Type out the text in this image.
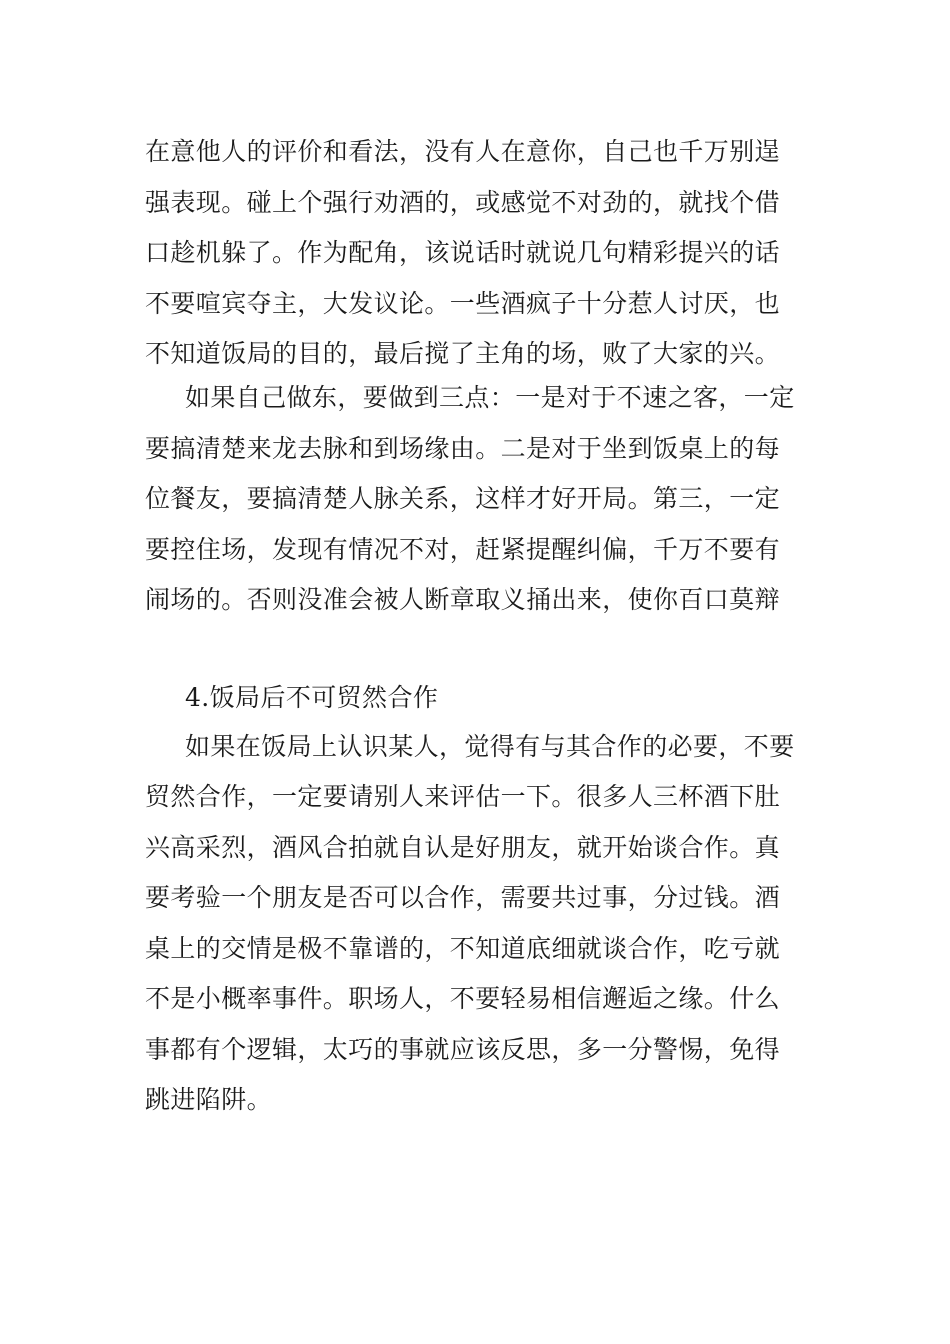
在意他人的评价和看法，没有人在意你，自己也千万别逞
强表现。碰上个强行劝酒的，或感觉不对劲的，就找个借
口趁机躲了。作为配角，该说话时就说几句精彩提兴的话
不要喧宾夺主，大发议论。一些酒疯子十分惹人讨厌，也
不知道饭局的目的，最后搅了主角的场，败了大家的兴。
如果自己做东，要做到三点：一是对于不速之客，一定
要搞清楚来龙去脉和到场缘由。二是对于坐到饭桌上的每
位餐友，要搞清楚人脉关系，这样才好开局。第三，一定
要控住场，发现有情况不对，赶紧提醒纠偏，千万不要有
闹场的。否则没准会被人断章取义捅出来，使你百口莫辩
4.饭局后不可贸然合作
如果在饭局上认识某人，觉得有与其合作的必要，不要
贸然合作，一定要请别人来评估一下。很多人三杯酒下肚
兴高采烈，酒风合拍就自认是好朋友，就开始谈合作。真
要考验一个朋友是否可以合作，需要共过事，分过钱。酒
桌上的交情是极不靠谱的，不知道底细就谈合作，吃亏就
不是小概率事件。职场人，不要轻易相信邂逅之缘。什么
事都有个逻辑，太巧的事就应该反思，多一分警惕，免得
跳进陷阱。
